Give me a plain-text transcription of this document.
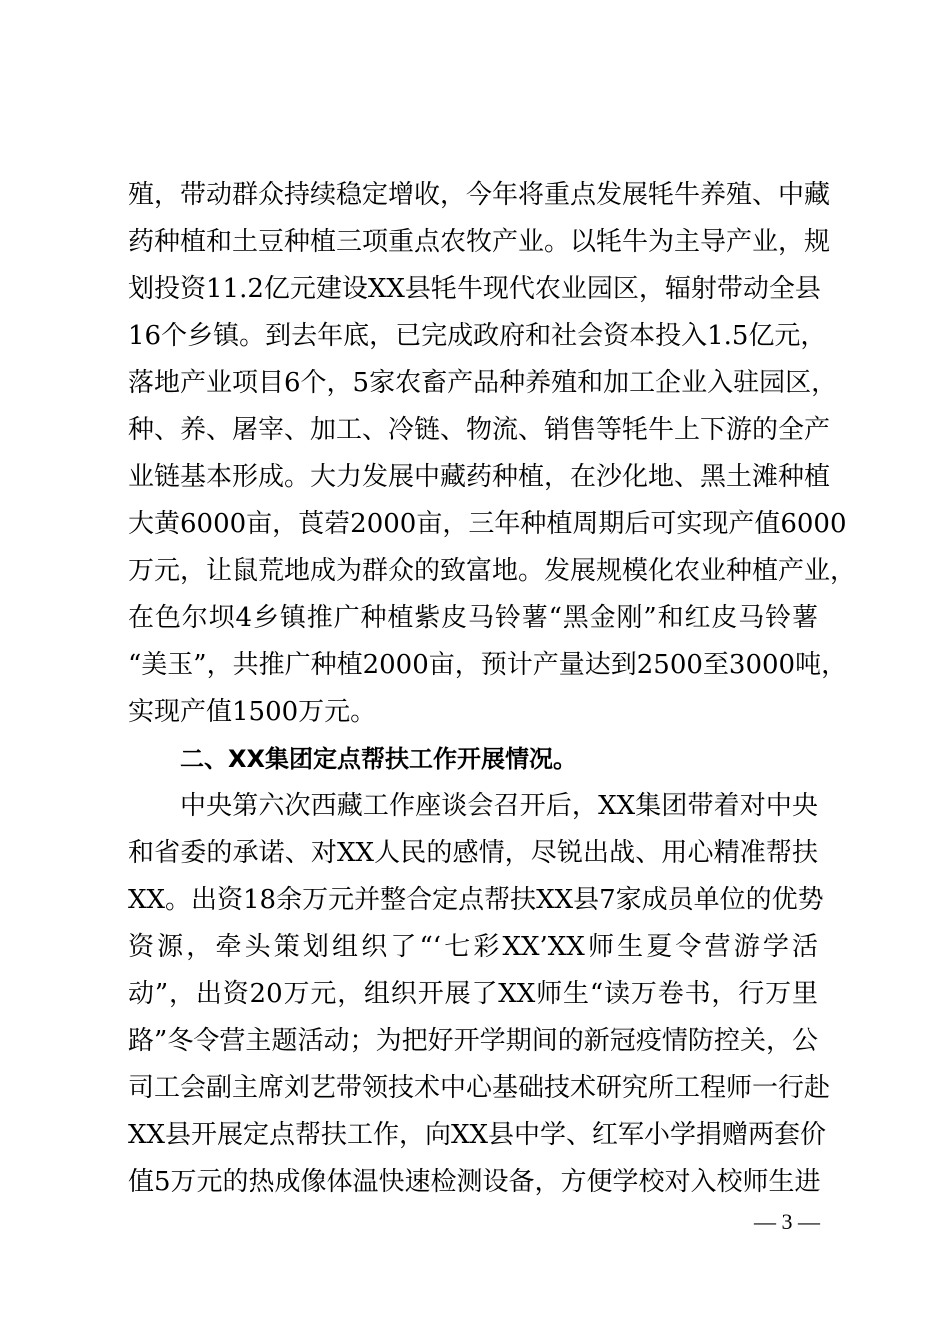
殖，带动群众持续稳定增收，今年将重点发展牦牛养殖、中藏
药种植和土豆种植三项重点农牧产业。以牦牛为主导产业，规
划投资11.2亿元建设XX县牦牛现代农业园区，辐射带动全县
16个乡镇。到去年底，已完成政府和社会资本投入1.5亿元，
落地产业项目6个，5家农畜产品种养殖和加工企业入驻园区，
种、养、屠宰、加工、冷链、物流、销售等牦牛上下游的全产
业链基本形成。大力发展中藏药种植，在沙化地、黑土滩种植
大黄6000亩，莨菪2000亩，三年种植周期后可实现产值6000
万元，让鼠荒地成为群众的致富地。发展规模化农业种植产业，
在色尔坝4乡镇推广种植紫皮马铃薯“黑金刚”和红皮马铃薯
“美玉”，共推广种植2000亩，预计产量达到2500至3000吨，
实现产值1500万元。
二、XX集团定点帮扶工作开展情况。
中央第六次西藏工作座谈会召开后，XX集团带着对中央
和省委的承诺、对XX人民的感情，尽锐出战、用心精准帮扶
XX。出资18余万元并整合定点帮扶XX县7家成员单位的优势
资源，牵头策划组织了“‘七彩XX’XX师生夏令营游学活
动”，出资20万元，组织开展了XX师生“读万卷书，行万里
路”冬令营主题活动；为把好开学期间的新冠疫情防控关，公
司工会副主席刘艺带领技术中心基础技术研究所工程师一行赴
XX县开展定点帮扶工作，向XX县中学、红军小学捐赠两套价
值5万元的热成像体温快速检测设备，方便学校对入校师生进
— 3 —
